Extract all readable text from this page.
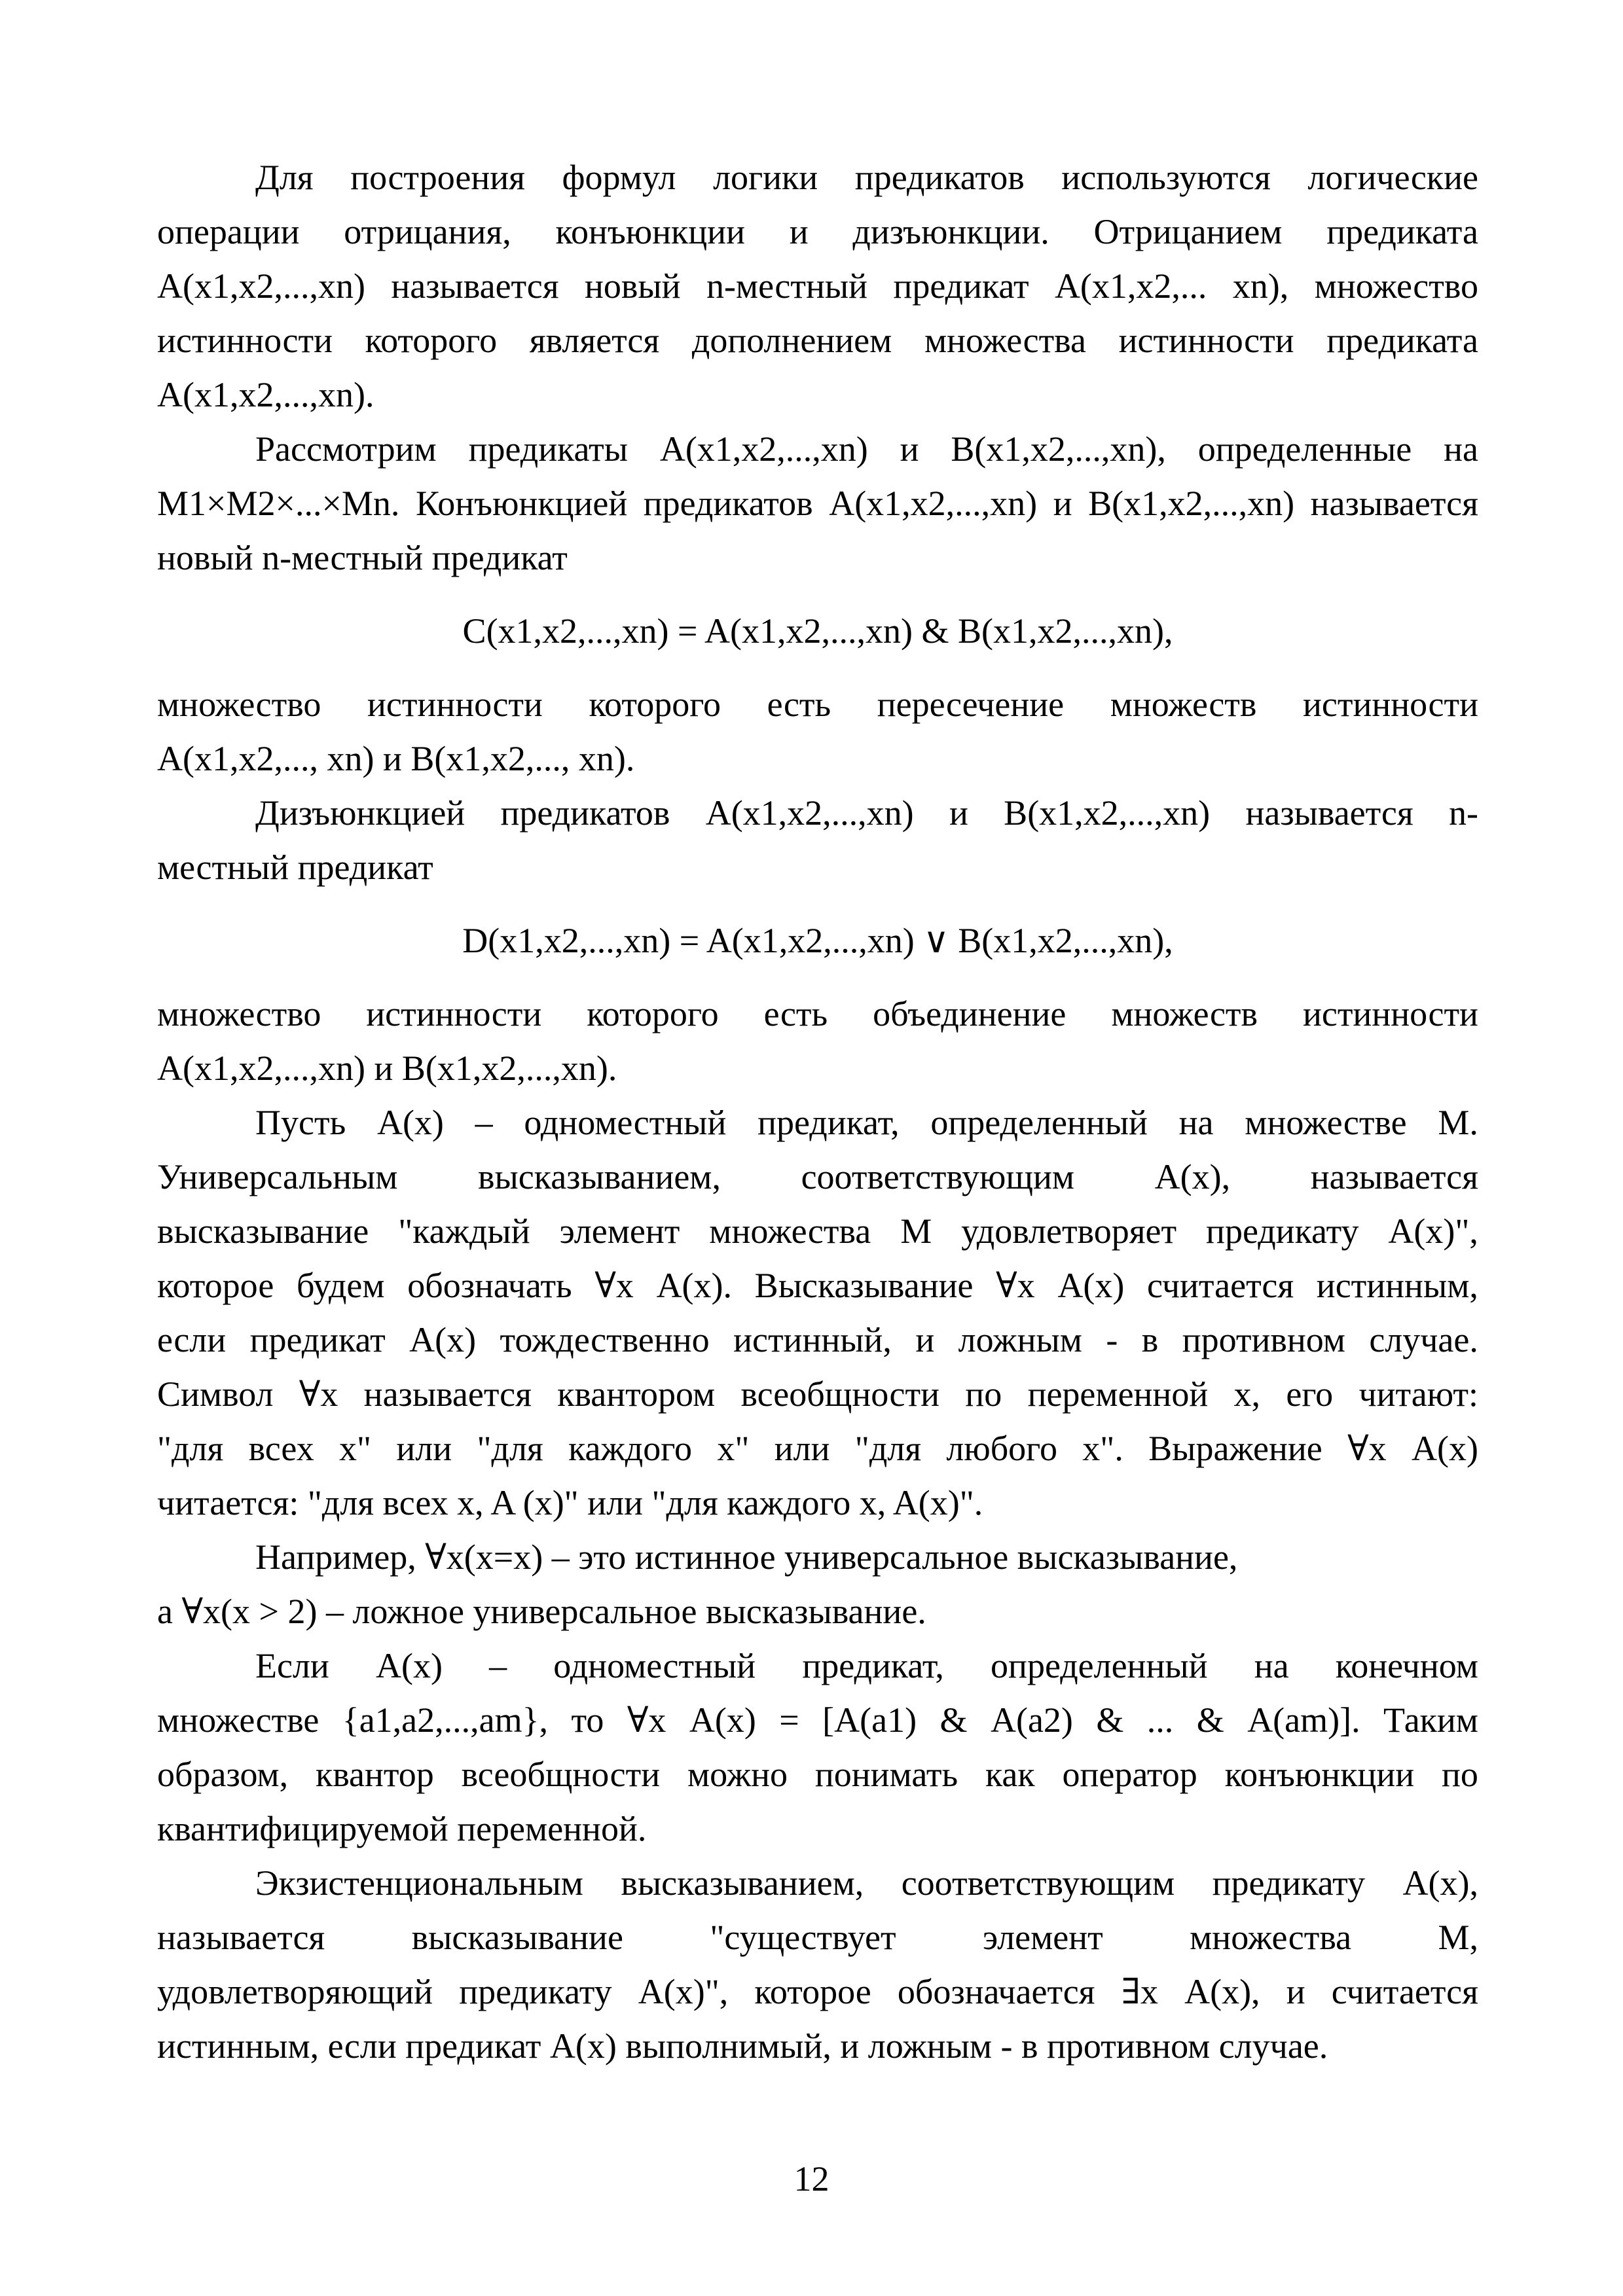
Для построения формул логики предикатов используются логические
операции отрицания, конъюнкции и дизъюнкции. Отрицанием предиката
A(x1,x2,...,xn) называется новый n-местный предикат A(x1,x2,... xn), множество
истинности которого является дополнением множества истинности предиката
A(x1,x2,...,xn).
Рассмотрим предикаты A(x1,x2,...,xn) и B(x1,x2,...,xn), определенные на
M1×M2×...×Mn. Конъюнкцией предикатов A(x1,x2,...,xn) и B(x1,x2,...,xn) называется
новый n-местный предикат
C(x1,x2,...,xn) = A(x1,x2,...,xn) & B(x1,x2,...,xn),
множество истинности которого есть пересечение множеств истинности
A(x1,x2,..., xn) и B(x1,x2,..., xn).
Дизъюнкцией предикатов A(x1,x2,...,xn) и B(x1,x2,...,xn) называется n-
местный предикат
D(x1,x2,...,xn) = A(x1,x2,...,xn) ∨ B(x1,x2,...,xn),
множество истинности которого есть объединение множеств истинности
A(x1,x2,...,xn) и B(x1,x2,...,xn).
Пусть A(x) – одноместный предикат, определенный на множестве M.
Универсальным высказыванием, соответствующим A(x), называется
высказывание "каждый элемент множества M удовлетворяет предикату A(x)",
которое будем обозначать ∀x A(x). Высказывание ∀x A(x) считается истинным,
если предикат A(x) тождественно истинный, и ложным - в противном случае.
Символ ∀x называется квантором всеобщности по переменной x, его читают:
"для всех x" или "для каждого x" или "для любого x". Выражение ∀x A(x)
читается: "для всех x, A (x)" или "для каждого x, A(x)".
Например, ∀x(x=x) – это истинное универсальное высказывание,
а ∀x(x > 2) – ложное универсальное высказывание.
Если A(x) – одноместный предикат, определенный на конечном
множестве {a1,a2,...,am}, то ∀x A(x) = [A(a1) & A(a2) & ... & A(am)]. Таким
образом, квантор всеобщности можно понимать как оператор конъюнкции по
квантифицируемой переменной.
Экзистенциональным высказыванием, соответствующим предикату A(x),
называется высказывание "существует элемент множества M,
удовлетворяющий предикату A(x)", которое обозначается ∃x A(x), и считается
истинным, если предикат A(x) выполнимый, и ложным - в противном случае.
12
